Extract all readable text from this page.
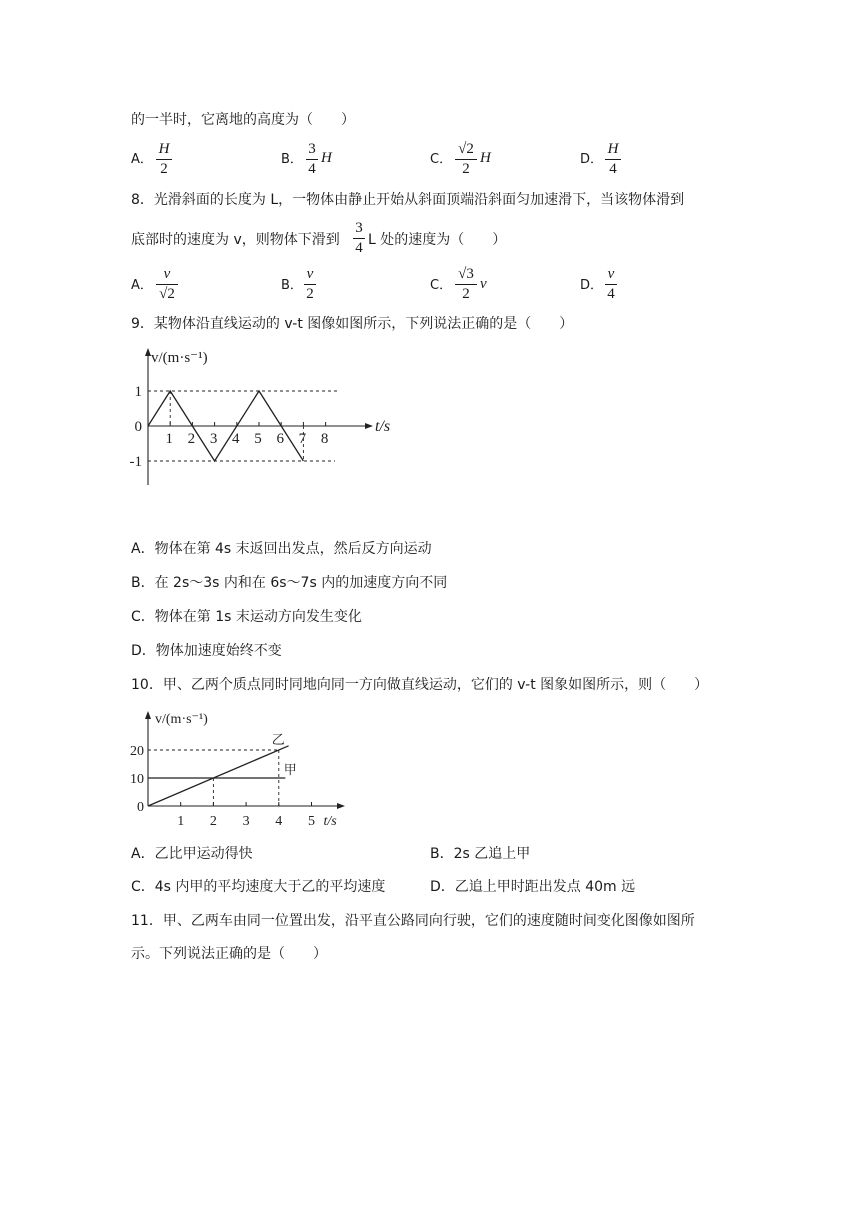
的一半时，它离地的高度为（　　）
A．
H
2
B．
3
4
H	C．
√2
2
H	D．
H
4
8．光滑斜面的长度为 L，一物体由静止开始从斜面顶端沿斜面匀加速滑下，当该物体滑到
底部时的速度为 v，则物体下滑到
3
4 L 处的速度为（　　）
A．
v
√2
B．
v
2
C．
√3
2
v	D．
v
4
9．某物体沿直线运动的 v-t 图像如图所示，下列说法正确的是（　　）
1 2 3 4 5 6 7 8
1
0
-1
v/(m·s⁻¹)
t/s
A．物体在第 4s 末返回出发点，然后反方向运动
B．在 2s～3s 内和在 6s～7s 内的加速度方向不同
C．物体在第 1s 末运动方向发生变化
D．物体加速度始终不变
10．甲、乙两个质点同时同地向同一方向做直线运动，它们的 v-t 图象如图所示，则（　　）
1 2 3 4 5
20
10
0
甲
乙
v/(m·s⁻¹)
t/s
A．乙比甲运动得快	B．2s 乙追上甲
C．4s 内甲的平均速度大于乙的平均速度	D．乙追上甲时距出发点 40m 远
11．甲、乙两车由同一位置出发，沿平直公路同向行驶，它们的速度随时间变化图像如图所
示。下列说法正确的是（　　）
